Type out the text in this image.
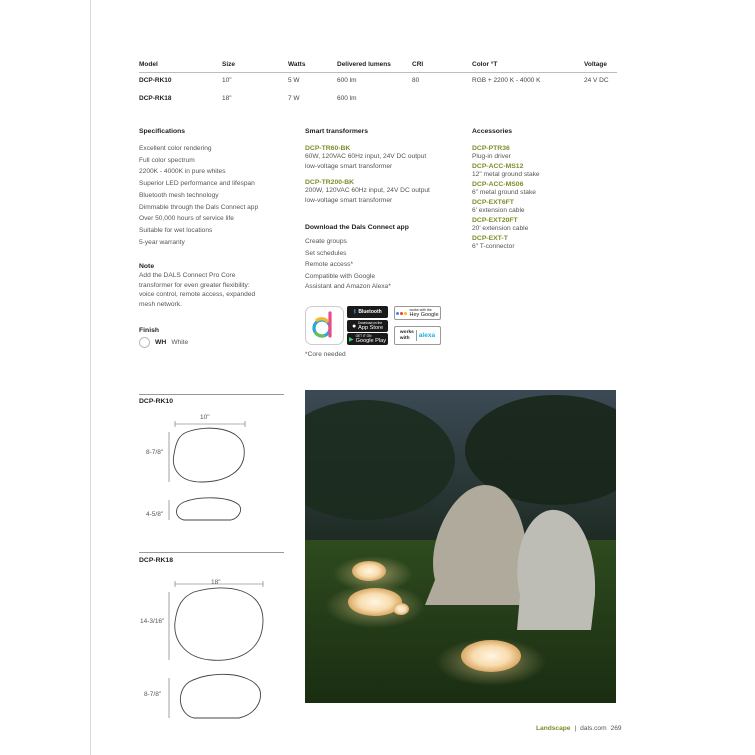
Model	Size	Watts	Delivered lumens	CRI	Color °T	Voltage
DCP-RK10	10"	5 W	600 lm	80	RGB + 2200 K - 4000 K	24 V DC
DCP-RK18	18"	7 W	600 lm
Specifications
Excellent color rendering
Full color spectrum
2200K - 4000K in pure whites
Superior LED performance and lifespan
Bluetooth mesh technology
Dimmable through the Dals Connect app
Over 50,000 hours of service life
Suitable for wet locations
5-year warranty
Note
Add the DALS Connect Pro Core
transformer for even greater flexibility:
voice control, remote access, expanded
mesh network.
Finish
WH White
Smart transformers
DCP-TR60-BK
60W, 120VAC 60Hz input, 24V DC output
low-voltage smart transformer
DCP-TR200-BK
200W, 120VAC 60Hz input, 24V DC output
low-voltage smart transformer
Download the Dals Connect app
Create groups
Set schedules
Remote access*
Compatible with Google
Assistant and Amazon Alexa*
ᛒ Bluetooth	works with the
Hey Google
● Download on the
App Store
works
with	alexa
▶
GET IT ON
Google Play
*Core needed
Accessories
DCP-PTR36
Plug-in driver
DCP-ACC-MS12
12" metal ground stake
DCP-ACC-MS06
6" metal ground stake
DCP-EXT6FT
6' extension cable
DCP-EXT20FT
20' extension cable
DCP-EXT-T
6" T-connector
DCP-RK10
10"
8-7/8"
4-5/8"
DCP-RK18
18"
14-3/16"
8-7/8"
Landscape | dals.com 269
